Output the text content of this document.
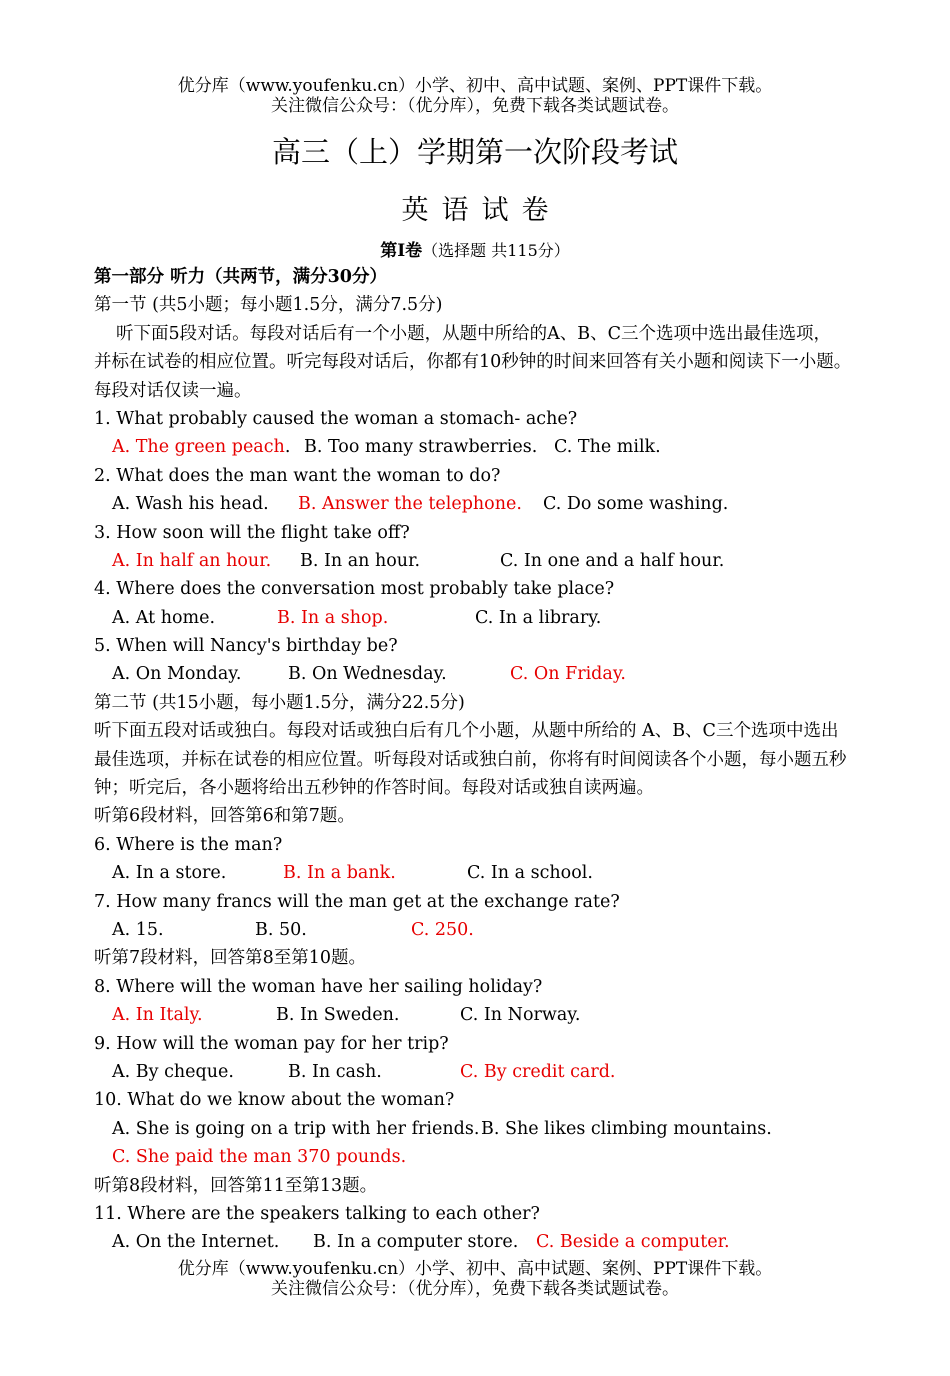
优分库（www.youfenku.cn）小学、初中、高中试题、案例、PPT课件下载。
关注微信公众号：（优分库），免费下载各类试题试卷。
高三（上）学期第一次阶段考试
英语试卷
第I卷（选择题 共115分）
第一部分 听力（共两节，满分30分）
第一节 (共5小题；每小题1.5分，满分7.5分)
听下面5段对话。每段对话后有一个小题，从题中所给的A、B、C三个选项中选出最佳选项，
并标在试卷的相应位置。听完每段对话后，你都有10秒钟的时间来回答有关小题和阅读下一小题。
每段对话仅读一遍。
1. What probably caused the woman a stomach- ache?
A. The green peach. B. Too many strawberries. C. The milk.
2. What does the man want the woman to do?
A. Wash his head. B. Answer the telephone. C. Do some washing.
3. How soon will the flight take off?
A. In half an hour. B. In an hour.	C. In one and a half hour.
4. Where does the conversation most probably take place?
A. At home.	B. In a shop.	C. In a library.
5. When will Nancy's birthday be?
A. On Monday.	B. On Wednesday.	C. On Friday.
第二节 (共15小题，每小题1.5分，满分22.5分)
听下面五段对话或独白。每段对话或独白后有几个小题，从题中所给的 A、B、C三个选项中选出
最佳选项，并标在试卷的相应位置。听每段对话或独白前，你将有时间阅读各个小题，每小题五秒
钟；听完后，各小题将给出五秒钟的作答时间。每段对话或独自读两遍。
听第6段材料，回答第6和第7题。
6. Where is the man?
A. In a store.	B. In a bank.	C. In a school.
7. How many francs will the man get at the exchange rate?
A. 15.	B. 50.	C. 250.
听第7段材料，回答第8至第10题。
8. Where will the woman have her sailing holiday?
A. In Italy.	B. In Sweden.	C. In Norway.
9. How will the woman pay for her trip?
A. By cheque.	B. In cash.	C. By credit card.
10. What do we know about the woman?
A. She is going on a trip with her friends. B. She likes climbing mountains.
C. She paid the man 370 pounds.
听第8段材料，回答第11至第13题。
11. Where are the speakers talking to each other?
A. On the Internet. B. In a computer store. C. Beside a computer.
优分库（www.youfenku.cn）小学、初中、高中试题、案例、PPT课件下载。
关注微信公众号：（优分库），免费下载各类试题试卷。
